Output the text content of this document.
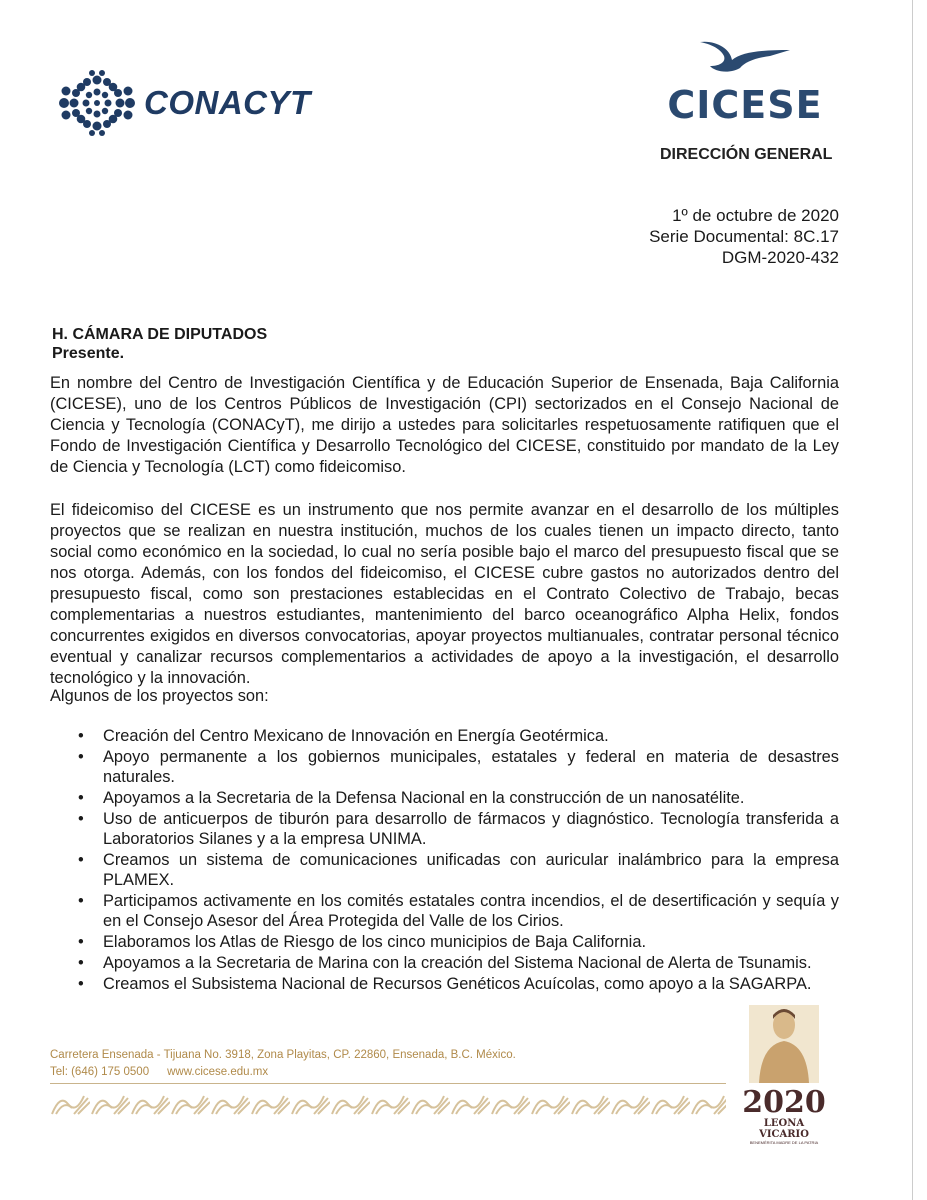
CONACYT	CICESE
DIRECCIÓN GENERAL
1º de octubre de 2020
Serie Documental: 8C.17
DGM-2020-432
H. CÁMARA DE DIPUTADOS
Presente.
En nombre del Centro de Investigación Científica y de Educación Superior de Ensenada, Baja California (CICESE), uno de los Centros Públicos de Investigación (CPI) sectorizados en el Consejo Nacional de Ciencia y Tecnología (CONACyT), me dirijo a ustedes para solicitarles respetuosamente ratifiquen que el Fondo de Investigación Científica y Desarrollo Tecnológico del CICESE, constituido por mandato de la Ley de Ciencia y Tecnología (LCT) como fideicomiso.
El fideicomiso del CICESE es un instrumento que nos permite avanzar en el desarrollo de los múltiples proyectos que se realizan en nuestra institución, muchos de los cuales tienen un impacto directo, tanto social como económico en la sociedad, lo cual no sería posible bajo el marco del presupuesto fiscal que se nos otorga. Además, con los fondos del fideicomiso, el CICESE cubre gastos no autorizados dentro del presupuesto fiscal, como son prestaciones establecidas en el Contrato Colectivo de Trabajo, becas complementarias a nuestros estudiantes, mantenimiento del barco oceanográfico Alpha Helix, fondos concurrentes exigidos en diversos convocatorias, apoyar proyectos multianuales, contratar personal técnico eventual y canalizar recursos complementarios a actividades de apoyo a la investigación, el desarrollo tecnológico y la innovación.
Algunos de los proyectos son:
• Creación del Centro Mexicano de Innovación en Energía Geotérmica.
• Apoyo permanente a los gobiernos municipales, estatales y federal en materia de desastres naturales.
• Apoyamos a la Secretaria de la Defensa Nacional en la construcción de un nanosatélite.
• Uso de anticuerpos de tiburón para desarrollo de fármacos y diagnóstico. Tecnología transferida a Laboratorios Silanes y a la empresa UNIMA.
• Creamos un sistema de comunicaciones unificadas con auricular inalámbrico para la empresa PLAMEX.
• Participamos activamente en los comités estatales contra incendios, el de desertificación y sequía y en el Consejo Asesor del Área Protegida del Valle de los Cirios.
• Elaboramos los Atlas de Riesgo de los cinco municipios de Baja California.
• Apoyamos a la Secretaria de Marina con la creación del Sistema Nacional de Alerta de Tsunamis.
• Creamos el Subsistema Nacional de Recursos Genéticos Acuícolas, como apoyo a la SAGARPA.
Carretera Ensenada - Tijuana No. 3918, Zona Playitas, CP. 22860, Ensenada, B.C. México.
Tel: (646) 175 0500 www.cicese.edu.mx
2020
LEONA VICARIO
BENEMÉRITA MADRE DE LA PATRIA
